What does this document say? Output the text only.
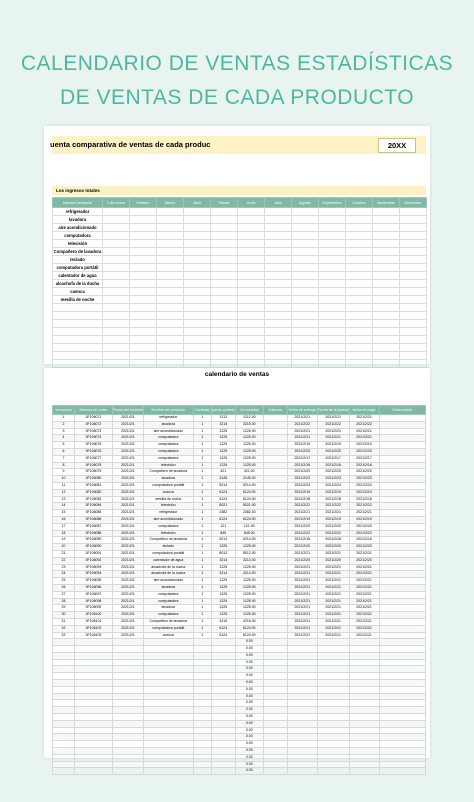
CALENDARIO DE VENTAS ESTADÍSTICAS
DE VENTAS DE CADA PRODUCTO
uenta comparativa de ventas de cada produc	20XX
Los ingresos totales
Nombre producto	1 de enero	Febrero	Marzo	Abril	Puede	Junio	Julio	Agosto	Septiembre	Octubre	Noviembre	Diciembre
refrigerador												
lavadora												
aire acondicionado												
computadora												
televisión												
Compañero de lavadora												
teclado												
computadora portátil												
calentador de agua												
alcachofa de la ducha												
cuenca												
mesilla de noche												

calendario de ventas
secuencia	Número de orden	Fecha del contrato	Nombre del producto	Cantidad	precio unitario	La cantidad	Volumen	fecha de entrega	Fecha de la factura	fecha de pago	Observación
1	0F106071	2021/2/1	refrigerador	1	1212	1212.00		2021/2/21	2021/2/21	2021/2/21	
2	0F106072	2021/2/1	lavadora	1	3215	3215.00		2021/2/22	2021/2/22	2021/2/22	
3	0F106073	2021/2/1	aire acondicionado	1	1225	1225.00		2021/2/21	2021/2/21	2021/2/21	
4	0F106074	2021/2/1	computadora	1	1225	1225.00		2021/2/21	2021/2/21	2021/2/21	
5	0F106075	2021/2/1	computadora	1	1225	1225.00		2021/2/19	2021/2/19	2021/2/19	
6	0F106076	2021/2/1	computadora	1	1225	1225.00		2021/2/20	2021/2/20	2021/2/20	
7	0F106077	2021/2/1	computadora	1	1225	1225.00		2021/2/17	2021/2/17	2021/2/17	
8	0F106078	2021/2/1	televisión	1	1225	1225.00		2021/2/16	2021/2/16	2021/2/16	
9	0F106079	2021/2/1	Compañero de lavadora	1	421	421.00		2021/2/20	2021/2/20	2021/2/20	
10	0F106080	2021/2/1	lavadora	1	2145	2145.00		2021/2/23	2021/2/23	2021/2/23	
11	0F106081	2021/2/1	computadora portátil	1	5214	5214.00		2021/2/24	2021/2/24	2021/2/24	
12	0F106082	2021/2/1	cuenca	1	6124	6124.00		2021/2/19	2021/2/19	2021/2/19	
13	0F106083	2021/2/1	mesilla de noche	1	6124	6124.00		2021/2/18	2021/2/18	2021/2/18	
14	0F106084	2021/2/1	televisión	1	8021	8021.00		2021/2/22	2021/2/22	2021/2/22	
15	0F106085	2021/2/1	refrigerador	1	2382	2382.00		2021/2/21	2021/2/21	2021/2/21	
16	0F106086	2021/2/1	aire acondicionado	1	6124	6124.00		2021/2/19	2021/2/19	2021/2/19	
17	0F106087	2021/2/1	computadora	1	121	121.00		2021/2/20	2021/2/20	2021/2/20	
18	0F106088	2021/2/1	televisión	1	845	845.00		2021/2/22	2021/2/22	2021/2/22	
19	0F106089	2021/2/1	Compañero de lavadora	1	6214	6214.00		2021/2/18	2021/2/18	2021/2/18	
20	0F106090	2021/2/1	teclado	1	1225	1225.00		2021/2/20	2021/2/20	2021/2/20	
21	0F106091	2021/2/1	computadora portátil	1	8012	8012.00		2021/2/21	2021/2/21	2021/2/21	
22	0F106092	2021/2/1	calentador de agua	1	3214	3214.00		2021/2/20	2021/2/20	2021/2/20	
23	0F106093	2021/2/1	alcachofa de la ducha	1	1225	1225.00		2021/2/21	2021/2/21	2021/2/21	
24	0F106094	2021/2/1	alcachofa de la ducha	1	3214	3214.00		2021/2/21	2021/2/21	2021/2/21	
25	0F106095	2021/2/1	aire acondicionado	1	1225	1225.00		2021/2/21	2021/2/21	2021/2/21	
26	0F106096	2021/2/1	lavadora	1	1225	1225.00		2021/2/21	2021/2/21	2021/2/21	
27	0F106097	2021/2/1	computadora	1	1225	1225.00		2021/2/21	2021/2/21	2021/2/21	
28	0F106098	2021/2/1	computadora	1	1225	1225.00		2021/2/21	2021/2/21	2021/2/21	
29	0F106099	2021/2/1	lavadora	1	1225	1225.00		2021/2/21	2021/2/21	2021/2/21	
30	0F106100	2021/2/1	computadora	1	1225	1225.00		2021/2/21	2021/2/21	2021/2/21	
31	0F106101	2021/2/1	Compañero de lavadora	1	4216	4216.00		2021/2/21	2021/2/21	2021/2/21	
32	0F106102	2021/2/1	computadora portátil	1	6124	6124.00		2021/2/21	2021/2/21	2021/2/21	
33	0F106103	2021/2/1	cuenca	1	6124	6124.00		2021/2/21	2021/2/21	2021/2/21	
						0.00					
						0.00					
						0.00					
						0.00					
						0.00					
						0.00					
						0.00					
						0.00					
						0.00					
						0.00					
						0.00					
						0.00					
						0.00					
						0.00					
						0.00					
						0.00					
						0.00					
						0.00					
						0.00					
						0.00					
